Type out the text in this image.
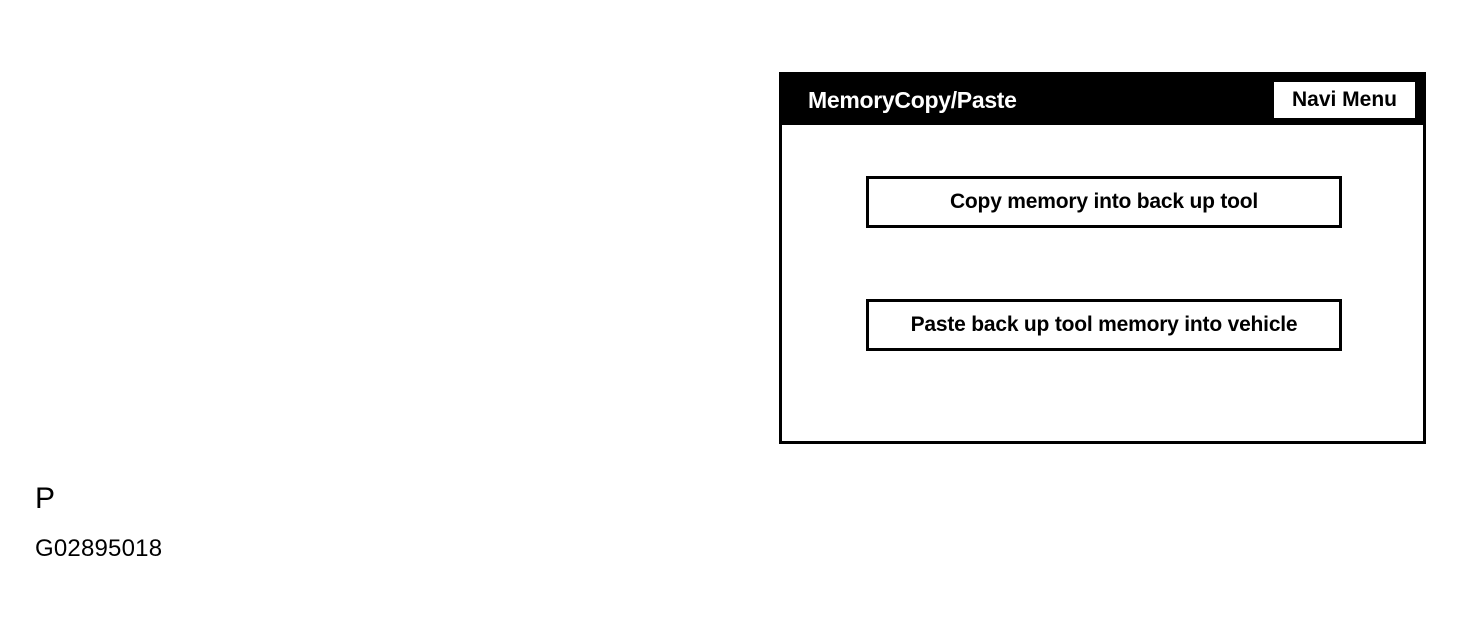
MemoryCopy/Paste	Navi Menu
Copy memory into back up tool
Paste back up tool memory into vehicle
P
G02895018
